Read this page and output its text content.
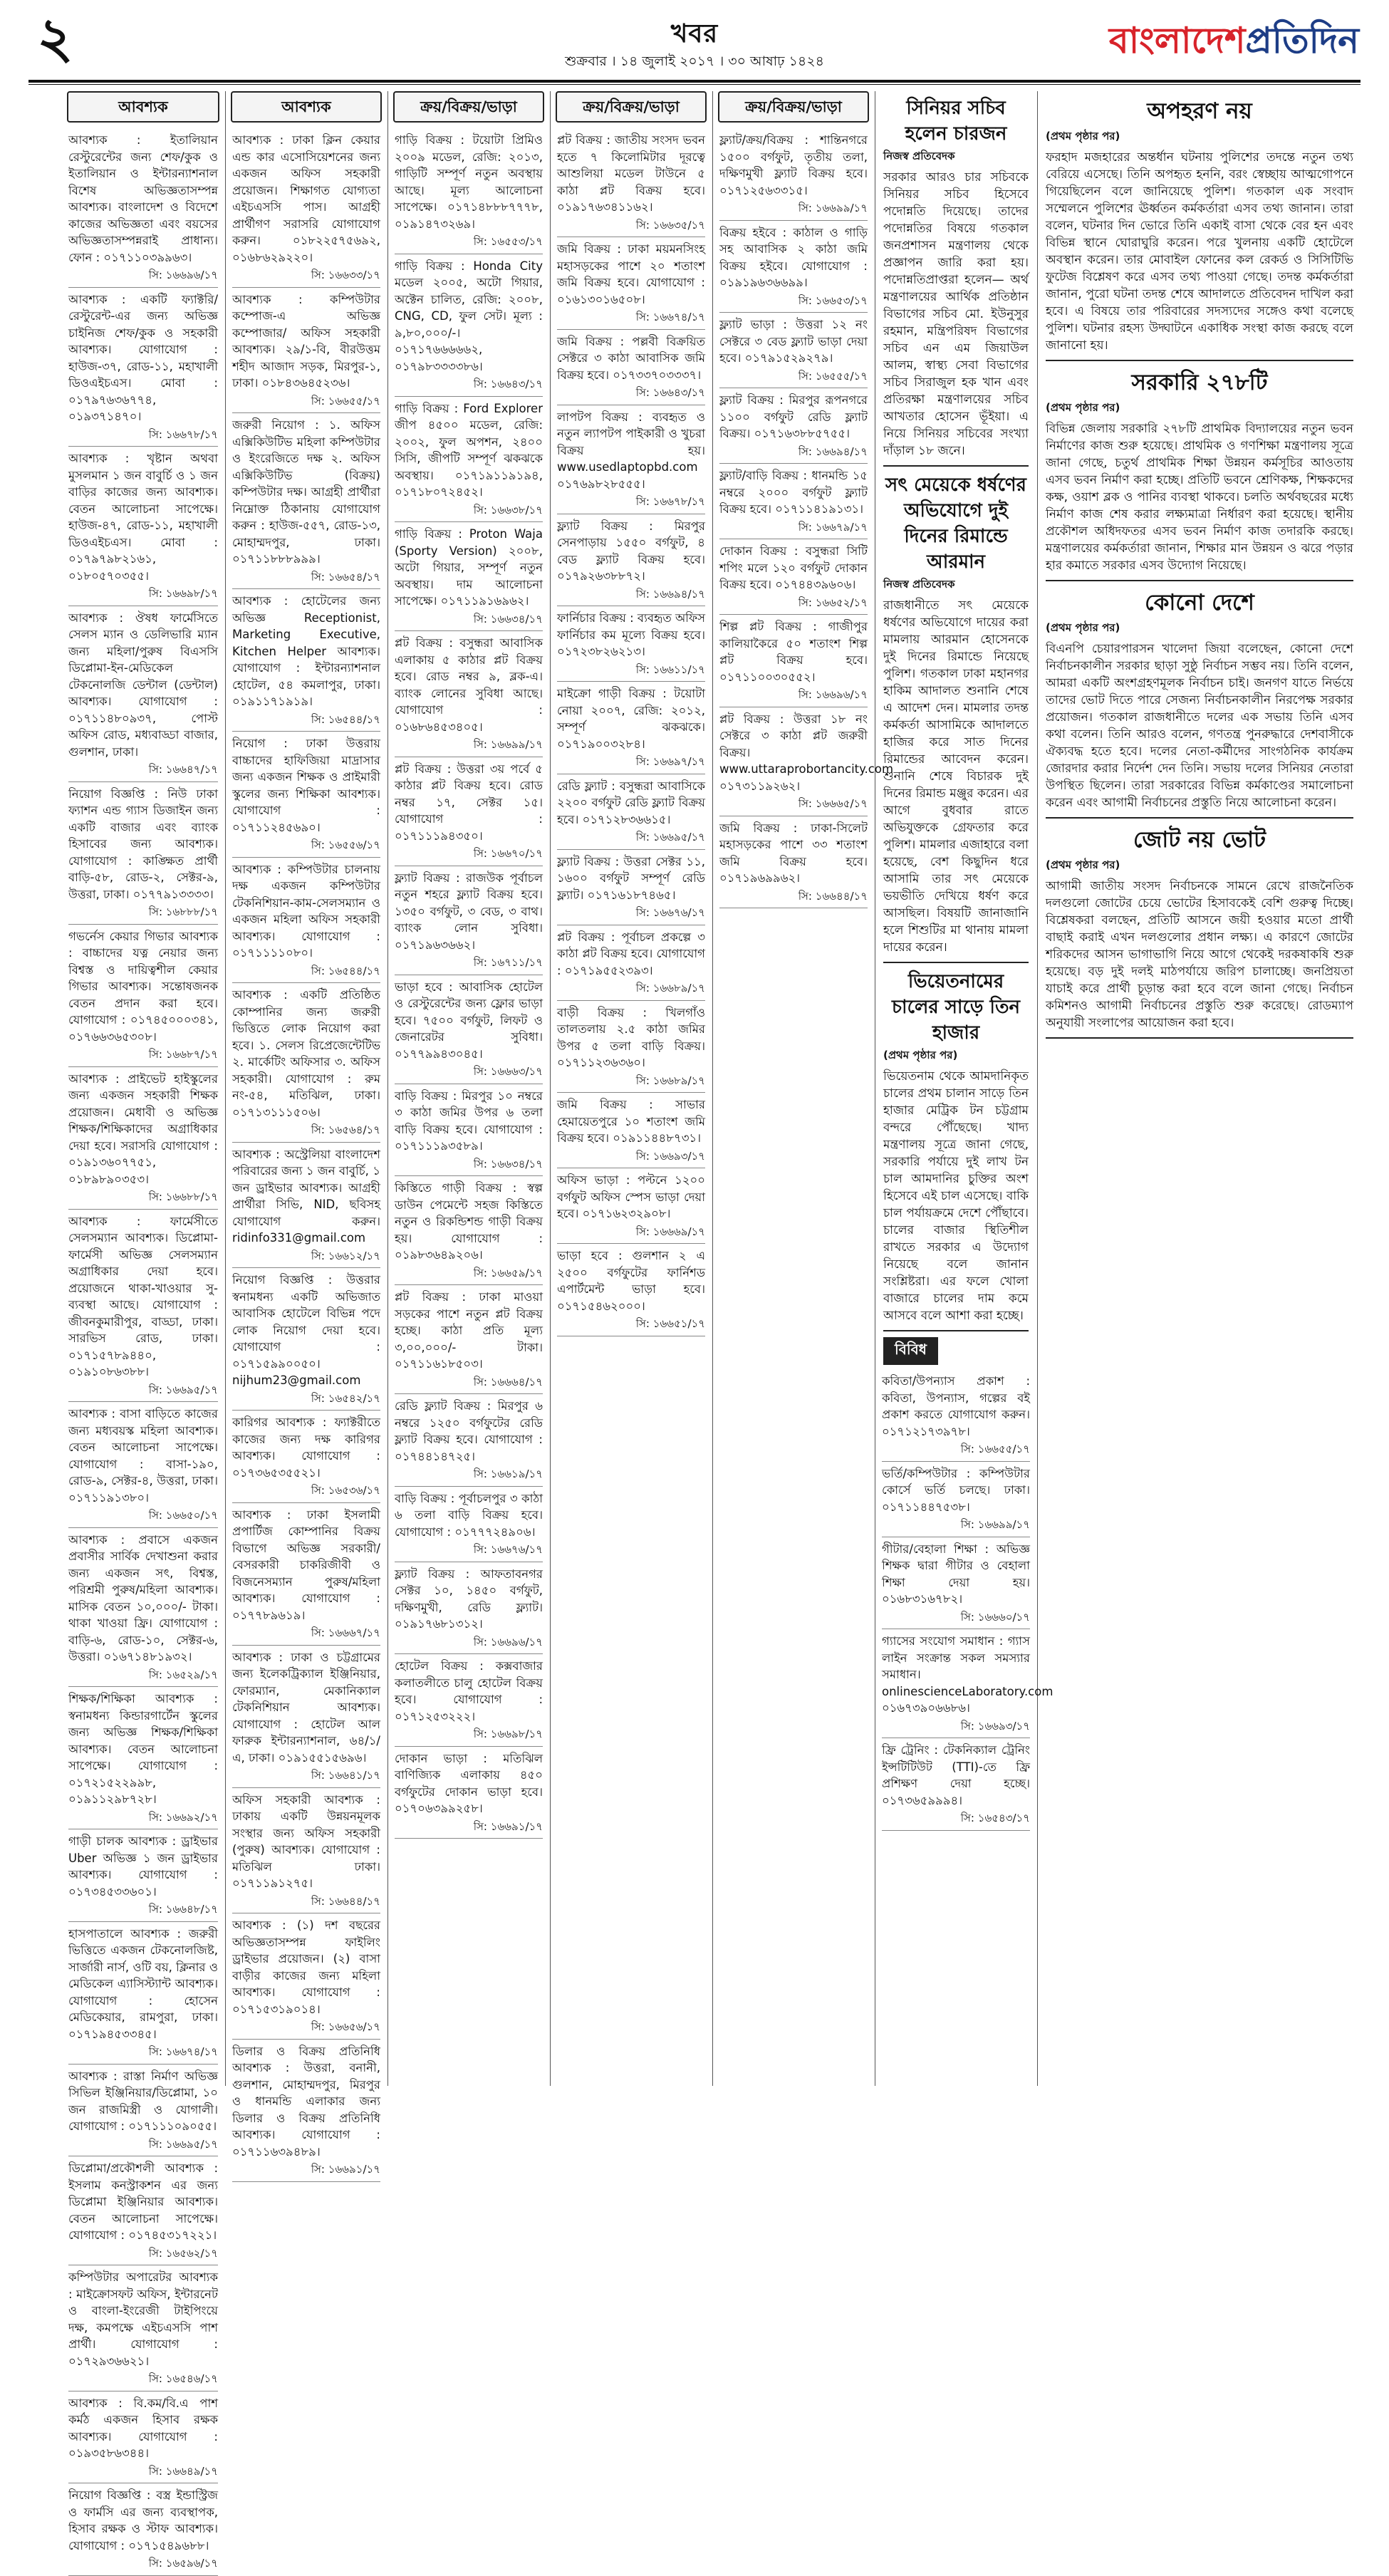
২	খবর
শুক্রবার । ১৪ জুলাই ২০১৭ । ৩০ আষাঢ় ১৪২৪	বাংলাদেশপ্রতিদিন
আবশ্যক
আবশ্যক : ইতালিয়ান রেস্টুরেন্টের জন্য শেফ/কুক ও ইতালিয়ান ও ইন্টারন্যাশনাল বিশেষ অভিজ্ঞতাসম্পন্ন আবশ্যক। বাংলাদেশ ও বিদেশে কাজের অভিজ্ঞতা এবং বয়সের অভিজ্ঞতাসম্পন্নরাই প্রাধান্য। ফোন : ০১৭১১০৩৯৯৬৩।
সি: ১৬৬৯৬/১৭
আবশ্যক : একটি ফ্যাক্টরি/ রেস্টুরেন্ট-এর জন্য অভিজ্ঞ চাইনিজ শেফ/কুক ও সহকারী আবশ্যক। যোগাযোগ : হাউজ-৩৭, রোড-১১, মহাখালী ডিওএইচএস। মোবা : ০১৭৯৭৬৩৬৭৭৪, ০১৯৩৭১৪৭০।
সি: ১৬৬৭৮/১৭
আবশ্যক : খৃষ্টান অথবা মুসলমান ১ জন বাবুর্চি ও ১ জন বাড়ির কাজের জন্য আবশ্যক। বেতন আলোচনা সাপেক্ষে। হাউজ-৪৭, রোড-১১, মহাখালী ডিওএইচএস। মোবা : ০১৭৯৭৯৮২১৬১, ০১৮০৫৭০৩৫৫।
সি: ১৬৬৯৮/১৭
আবশ্যক : ঔষধ ফার্মেসিতে সেলস ম্যান ও ডেলিভারি ম্যান জন্য মহিলা/পুরুষ বিএসসি ডিপ্লোমা-ইন-মেডিকেল টেকনোলজি ডেন্টাল (ডেন্টাল) আবশ্যক। যোগাযোগ : ০১৭১১৪৮০৯৩৭, পোস্ট অফিস রোড, মধ্যবাড্ডা বাজার, গুলশান, ঢাকা।
সি: ১৬৬৪৭/১৭
নিয়োগ বিজ্ঞপ্তি : নিউ ঢাকা ফ্যাশন এন্ড গ্যাস ডিজাইন জন্য একটি বাজার এবং ব্যাংক হিসাবের জন্য আবশ্যক। যোগাযোগ : কাঙ্ক্ষিত প্রার্থী বাড়ি-৫৮, রোড-২, সেক্টর-৯, উত্তরা, ঢাকা। ০১৭৭৯১৩৩৩৩।
সি: ১৬৮৮৮/১৭
গভর্নেস কেয়ার গিভার আবশ্যক : বাচ্চাদের যত্ন নেয়ার জন্য বিশ্বস্ত ও দায়িত্বশীল কেয়ার গিভার আবশ্যক। সন্তোষজনক বেতন প্রদান করা হবে। যোগাযোগ : ০১৭৪৫০০০৩৪১, ০১৭৬৬৩৬৫৩০৮।
সি: ১৬৬৮৭/১৭
আবশ্যক : প্রাইভেট হাইস্কুলের জন্য একজন সহকারী শিক্ষক প্রয়োজন। মেধাবী ও অভিজ্ঞ শিক্ষক/শিক্ষিকাদের অগ্রাধিকার দেয়া হবে। সরাসরি যোগাযোগ : ০১৯১৩৬০৭৭৫১, ০১৮৯৮৯০৩৫৩।
সি: ১৬৬৮৮/১৭
আবশ্যক : ফার্মেসীতে সেলসম্যান আবশ্যক। ডিপ্লোমা-ফার্মেসী অভিজ্ঞ সেলসম্যান অগ্রাধিকার দেয়া হবে। প্রয়োজনে থাকা-খাওয়ার সু-ব্যবস্থা আছে। যোগাযোগ : জীবনকুমারীপুর, বাড্ডা, ঢাকা। সারভিস রোড, ঢাকা। ০১৭১৫৭৮৯৪৪০, ০১৯১০৮৬৩৮৮।
সি: ১৬৬৯৫/১৭
আবশ্যক : বাসা বাড়িতে কাজের জন্য মধ্যবয়স্ক মহিলা আবশ্যক। বেতন আলোচনা সাপেক্ষে। যোগাযোগ : বাসা-১৯০, রোড-৯, সেক্টর-৪, উত্তরা, ঢাকা। ০১৭১১৯১৩৮০।
সি: ১৬৬৫০/১৭
আবশ্যক : প্রবাসে একজন প্রবাসীর সার্বিক দেখাশুনা করার জন্য একজন সৎ, বিশ্বস্ত, পরিশ্রমী পুরুষ/মহিলা আবশ্যক। মাসিক বেতন ১০,০০০/- টাকা। থাকা খাওয়া ফ্রি। যোগাযোগ : বাড়ি-৬, রোড-১০, সেক্টর-৬, উত্তরা। ০১৬৭১৪৮১৯৩২।
সি: ১৬৫২৯/১৭
শিক্ষক/শিক্ষিকা আবশ্যক : স্বনামধন্য কিন্ডারগার্টেন স্কুলের জন্য অভিজ্ঞ শিক্ষক/শিক্ষিকা আবশ্যক। বেতন আলোচনা সাপেক্ষে। যোগাযোগ : ০১৭২১৫২২৯৯৮, ০১৯১১২৯৮৭২৮।
সি: ১৬৬৯২/১৭
গাড়ী চালক আবশ্যক : ড্রাইভার Uber অভিজ্ঞ ১ জন ড্রাইভার আবশ্যক। যোগাযোগ : ০১৭৩৪৫৩৩৬০১।
সি: ১৬৬৪৮/১৭
হাসপাতালে আবশ্যক : জরুরী ভিত্তিতে একজন টেকনোলজিষ্ট, সার্জারী নার্স, ওটি বয়, ক্লিনার ও মেডিকেল এ্যাসিস্ট্যান্ট আবশ্যক। যোগাযোগ : হোসেন মেডিকেয়ার, রামপুরা, ঢাকা। ০১৭১৯৪৫৩৩৪৫।
সি: ১৬৬৭৪/১৭
আবশ্যক : রাস্তা নির্মাণ অভিজ্ঞ সিভিল ইঞ্জিনিয়ার/ডিপ্লোমা, ১০ জন রাজমিস্ত্রী ও যোগালী। যোগাযোগ : ০১৭১১১০৯০৫৫।
সি: ১৬৬৯৫/১৭
ডিপ্লোমা/প্রকৌশলী আবশ্যক : ইসলাম কনস্ট্রাকশন এর জন্য ডিপ্লোমা ইঞ্জিনিয়ার আবশ্যক। বেতন আলোচনা সাপেক্ষে। যোগাযোগ : ০১৭৪৫৩১৭২২১।
সি: ১৬৫৬২/১৭
কম্পিউটার অপারেটর আবশ্যক : মাইক্রোসফট অফিস, ইন্টারনেট ও বাংলা-ইংরেজী টাইপিংয়ে দক্ষ, কমপক্ষে এইচএসসি পাশ প্রার্থী। যোগাযোগ : ০১৭২৯৩৬৬২১।
সি: ১৬৫৪৬/১৭
আবশ্যক : বি.কম/বি.এ পাশ কর্মঠ একজন হিসাব রক্ষক আবশ্যক। যোগাযোগ : ০১৯৩৫৮৬৩৪৪।
সি: ১৬৬৪৯/১৭
নিয়োগ বিজ্ঞপ্তি : বস্ত্র ইন্ডাস্ট্রিজ ও ফার্মসি এর জন্য ব্যবস্থাপক, হিসাব রক্ষক ও স্টাফ আবশ্যক। যোগাযোগ : ০১৭১৫৪৯৬৮৮।
সি: ১৬৫৯৬/১৭
আবশ্যক
আবশ্যক : ঢাকা ক্লিন কেয়ার এন্ড কার এসোসিয়েশনের জন্য একজন অফিস সহকারী প্রয়োজন। শিক্ষাগত যোগ্যতা এইচএসসি পাস। আগ্রহী প্রার্থীগণ সরাসরি যোগাযোগ করুন। ০১৮২২৫৭৫৬৯২, ০১৬৮৬২৯২২০।
সি: ১৬৬৩৩/১৭
আবশ্যক : কম্পিউটার কম্পোজ-এ অভিজ্ঞ কম্পোজার/ অফিস সহকারী আবশ্যক। ২৯/১-বি, বীরউত্তম শহীদ আজাদ সড়ক, মিরপুর-১, ঢাকা। ০১৮৪৩৬৪৫২৩৬।
সি: ১৬৬৫৫/১৭
জরুরী নিয়োগ : ১. অফিস এক্সিকিউটিভ মহিলা কম্পিউটার ও ইংরেজিতে দক্ষ ২. অফিস এক্সিকিউটিভ (বিক্রয়) কম্পিউটার দক্ষ। আগ্রহী প্রার্থীরা নিম্নোক্ত ঠিকানায় যোগাযোগ করুন : হাউজ-৫৫৭, রোড-১৩, মোহাম্মদপুর, ঢাকা। ০১৭১১৮৮৮৯৯৯।
সি: ১৬৬৫৪/১৭
আবশ্যক : হোটেলের জন্য অভিজ্ঞ Receptionist, Marketing Executive, Kitchen Helper আবশ্যক। যোগাযোগ : ইন্টারন্যাশনাল হোটেল, ৫৪ কমলাপুর, ঢাকা। ০১৯১১৭১৯১৯।
সি: ১৬৫৪৪/১৭
নিয়োগ : ঢাকা উত্তরায় বাচ্চাদের হাফিজিয়া মাদ্রাসার জন্য একজন শিক্ষক ও প্রাইমারী স্কুলের জন্য শিক্ষিকা আবশ্যক। যোগাযোগ : ০১৭১১২৪৫৬৯০।
সি: ১৬৫৫৬/১৭
আবশ্যক : কম্পিউটার চালনায় দক্ষ একজন কম্পিউটার টেকনিশিয়ান-কাম-সেলসম্যান ও একজন মহিলা অফিস সহকারী আবশ্যক। যোগাযোগ : ০১৭১১১১০৮০।
সি: ১৬৫৪৪/১৭
আবশ্যক : একটি প্রতিষ্ঠিত কোম্পানির জন্য জরুরী ভিত্তিতে লোক নিয়োগ করা হবে। ১. সেলস রিপ্রেজেন্টেটিভ ২. মার্কেটিং অফিসার ৩. অফিস সহকারী। যোগাযোগ : রুম নং-৫৪, মতিঝিল, ঢাকা। ০১৭১৩১১১৫০৬।
সি: ১৬৫৬৪/১৭
আবশ্যক : অস্ট্রেলিয়া বাংলাদেশ পরিবারের জন্য ১ জন বাবুর্চি, ১ জন ড্রাইভার আবশ্যক। আগ্রহী প্রার্থীরা সিভি, NID, ছবিসহ যোগাযোগ করুন। ridinfo331@gmail.com
সি: ১৬৬১২/১৭
নিয়োগ বিজ্ঞপ্তি : উত্তরার স্বনামধন্য একটি অভিজাত আবাসিক হোটেলে বিভিন্ন পদে লোক নিয়োগ দেয়া হবে। যোগাযোগ : ০১৭১৫৯৯০০৫০। nijhum23@gmail.com
সি: ১৬৫৪২/১৭
কারিগর আবশ্যক : ফ্যাক্টরীতে কাজের জন্য দক্ষ কারিগর আবশ্যক। যোগাযোগ : ০১৭৩৬৫৩৫৫২১।
সি: ১৬৫৩৬/১৭
আবশ্যক : ঢাকা ইসলামী প্রপার্টিজ কোম্পানির বিক্রয় বিভাগে অভিজ্ঞ সরকারী/বেসরকারী চাকরিজীবী ও বিজনেসম্যান পুরুষ/মহিলা আবশ্যক। যোগাযোগ : ০১৭৭৮৯৬১৯।
সি: ১৬৬৬৭/১৭
আবশ্যক : ঢাকা ও চট্টগ্রামের জন্য ইলেকট্রিক্যাল ইঞ্জিনিয়ার, ফোরম্যান, মেকানিক্যাল টেকনিশিয়ান আবশ্যক। যোগাযোগ : হোটেল আল ফারুক ইন্টারন্যাশনাল, ৬৪/১/এ, ঢাকা। ০১৯১৫৫১৫৬৯৬।
সি: ১৬৬৪১/১৭
অফিস সহকারী আবশ্যক : ঢাকায় একটি উন্নয়নমূলক সংস্থার জন্য অফিস সহকারী (পুরুষ) আবশ্যক। যোগাযোগ : মতিঝিল ঢাকা। ০১৭১১৯১২৭৫।
সি: ১৬৬৪৪/১৭
আবশ্যক : (১) দশ বছরের অভিজ্ঞতাসম্পন্ন ফাইলিং ড্রাইভার প্রয়োজন। (২) বাসা বাড়ীর কাজের জন্য মহিলা আবশ্যক। যোগাযোগ : ০১৭১৫৩১৯০১৪।
সি: ১৬৬৫৬/১৭
ডিলার ও বিক্রয় প্রতিনিধি আবশ্যক : উত্তরা, বনানী, গুলশান, মোহাম্মদপুর, মিরপুর ও ধানমন্ডি এলাকার জন্য ডিলার ও বিক্রয় প্রতিনিধি আবশ্যক। যোগাযোগ : ০১৭১১৬৩৯৪৮৯।
সি: ১৬৬৯১/১৭
ক্রয়/বিক্রয়/ভাড়া
গাড়ি বিক্রয় : টয়োটা প্রিমিও ২০০৯ মডেল, রেজি: ২০১৩, গাড়িটি সম্পূর্ণ নতুন অবস্থায় আছে। মূল্য আলোচনা সাপেক্ষে। ০১৭১৪৮৮৮৭৭৭৮, ০১৯১৪৭৩২৬৯।
সি: ১৬৫৫৩/১৭
গাড়ি বিক্রয় : Honda City মডেল ২০০৫, অটো গিয়ার, অক্টেন চালিত, রেজি: ২০০৮, CNG, CD, ফুল সেট। মূল্য : ৯,৮০,০০০/-। ০১৭১৭৬৬৬৬৬২, ০১৭৯৮৩৩৩৩৮৬।
সি: ১৬৬৪৩/১৭
গাড়ি বিক্রয় : Ford Explorer জীপ ৪৫০০ মডেল, রেজি: ২০০২, ফুল অপশন, ২৪০০ সিসি, জীপটি সম্পূর্ণ ঝকঝকে অবস্থায়। ০১৭১৯১১৯১৯৪, ০১৭১৮০৭২৪৫২।
সি: ১৬৬৩৮/১৭
গাড়ি বিক্রয় : Proton Waja (Sporty Version) ২০০৮, অটো গিয়ার, সম্পূর্ণ নতুন অবস্থায়। দাম আলোচনা সাপেক্ষে। ০১৭১১৯১৬৯৬২।
সি: ১৬৬৩৪/১৭
প্লট বিক্রয় : বসুন্ধরা আবাসিক এলাকায় ৫ কাঠার প্লট বিক্রয় হবে। রোড নম্বর ৯, ব্লক-এ। ব্যাংক লোনের সুবিধা আছে। যোগাযোগ : ০১৬৮৬৪৫৩৪০৫।
সি: ১৬৬৯৯/১৭
প্লট বিক্রয় : উত্তরা ৩য় পর্বে ৫ কাঠার প্লট বিক্রয় হবে। রোড নম্বর ১৭, সেক্টর ১৫। যোগাযোগ : ০১৭১১১৯৪৩৫০।
সি: ১৬৬৭০/১৭
ফ্ল্যাট বিক্রয় : রাজউক পূর্বাচল নতুন শহরে ফ্ল্যাট বিক্রয় হবে। ১৩৫০ বর্গফুট, ৩ বেড, ৩ বাথ। ব্যাংক লোন সুবিধা। ০১৭১৯৬৩৬৬২।
সি: ১৬৭১১/১৭
ভাড়া হবে : আবাসিক হোটেল ও রেস্টুরেন্টের জন্য ফ্লোর ভাড়া হবে। ৭৫০০ বর্গফুট, লিফট ও জেনারেটর সুবিধা। ০১৭৭৯৯৪৩০৪৫।
সি: ১৬৬৬৩/১৭
বাড়ি বিক্রয় : মিরপুর ১০ নম্বরে ৩ কাঠা জমির উপর ৬ তলা বাড়ি বিক্রয় হবে। যোগাযোগ : ০১৭১১১৯৩৫৮৯।
সি: ১৬৬৩৪/১৭
কিস্তিতে গাড়ী বিক্রয় : স্বল্প ডাউন পেমেন্টে সহজ কিস্তিতে নতুন ও রিকন্ডিশন্ড গাড়ী বিক্রয় হয়। যোগাযোগ : ০১৯৮৩৬৪৯২০৬।
সি: ১৬৬৫৯/১৭
প্লট বিক্রয় : ঢাকা মাওয়া সড়কের পাশে নতুন প্লট বিক্রয় হচ্ছে। কাঠা প্রতি মূল্য ৩,০০,০০০/- টাকা। ০১৭১১৬১৮৫০৩।
সি: ১৬৬৬৪/১৭
রেডি ফ্ল্যাট বিক্রয় : মিরপুর ৬ নম্বরে ১২৫০ বর্গফুটের রেডি ফ্ল্যাট বিক্রয় হবে। যোগাযোগ : ০১৭৪৪১৪৭২৫।
সি: ১৬৬১৯/১৭
বাড়ি বিক্রয় : পূর্বাচলপুর ৩ কাঠা ৬ তলা বাড়ি বিক্রয় হবে। যোগাযোগ : ০১৭৭৭২৪৯০৬।
সি: ১৬৬৭৬/১৭
ফ্ল্যাট বিক্রয় : আফতাবনগর সেক্টর ১০, ১৪৫০ বর্গফুট, দক্ষিণমুখী, রেডি ফ্ল্যাট। ০১৯১৭৬৮১৩১২।
সি: ১৬৬৯৬/১৭
হোটেল বিক্রয় : কক্সবাজার কলাতলীতে চালু হোটেল বিক্রয় হবে। যোগাযোগ : ০১৭১২৫৩২২২।
সি: ১৬৬৯৮/১৭
দোকান ভাড়া : মতিঝিল বাণিজ্যিক এলাকায় ৪৫০ বর্গফুটের দোকান ভাড়া হবে। ০১৭০৬৩৯৯২৫৮।
সি: ১৬৬৯১/১৭
ক্রয়/বিক্রয়/ভাড়া
প্লট বিক্রয় : জাতীয় সংসদ ভবন হতে ৭ কিলোমিটার দূরত্বে আশুলিয়া মডেল টাউনে ৫ কাঠা প্লট বিক্রয় হবে। ০১৯১৭৬৩৪১১৬২।
সি: ১৬৬৩৫/১৭
জমি বিক্রয় : ঢাকা ময়মনসিংহ মহাসড়কের পাশে ২০ শতাংশ জমি বিক্রয় হবে। যোগাযোগ : ০১৬১৩০১৬৫০৮।
সি: ১৬৬৭৪/১৭
জমি বিক্রয় : পল্লবী বিক্রয়িত সেক্টরে ৩ কাঠা আবাসিক জমি বিক্রয় হবে। ০১৭৩৩৭০৩৩৩৭।
সি: ১৬৬৪৩/১৭
লাপটপ বিক্রয় : ব্যবহৃত ও নতুন ল্যাপটপ পাইকারী ও খুচরা বিক্রয় হয়। www.usedlaptopbd.com ০১৭৬৯৮২৮৫৫৫।
সি: ১৬৬৭৮/১৭
ফ্ল্যাট বিক্রয় : মিরপুর সেনপাড়ায় ১৫৫০ বর্গফুট, ৪ বেড ফ্ল্যাট বিক্রয় হবে। ০১৭৯২৬৩৮৮৭২।
সি: ১৬৬৯৪/১৭
ফার্নিচার বিক্রয় : ব্যবহৃত অফিস ফার্নিচার কম মূল্যে বিক্রয় হবে। ০১৭২৩৮২৬২১৩।
সি: ১৬৬১১/১৭
মাইক্রো গাড়ী বিক্রয় : টয়োটা নোয়া ২০০৭, রেজি: ২০১২, সম্পূর্ণ ঝকঝকে। ০১৭১৯০০৩২৮৪।
সি: ১৬৬৯৭/১৭
রেডি ফ্ল্যাট : বসুন্ধরা আবাসিকে ২২০০ বর্গফুট রেডি ফ্ল্যাট বিক্রয় হবে। ০১৭১২৮৩৬৬১৫।
সি: ১৬৬৯৫/১৭
ফ্ল্যাট বিক্রয় : উত্তরা সেক্টর ১১, ১৬০০ বর্গফুট সম্পূর্ণ রেডি ফ্ল্যাট। ০১৭১৬১৮৭৪৬৫।
সি: ১৬৬৭৬/১৭
প্লট বিক্রয় : পূর্বাচল প্রকল্পে ৩ কাঠা প্লট বিক্রয় হবে। যোগাযোগ : ০১৭১৯৫৫২৩৯৩।
সি: ১৬৬৮৯/১৭
বাড়ী বিক্রয় : খিলগাঁও তালতলায় ২.৫ কাঠা জমির উপর ৫ তলা বাড়ি বিক্রয়। ০১৭১১২৩৬৩৬০।
সি: ১৬৬৮৯/১৭
জমি বিক্রয় : সাভার হেমায়েতপুরে ১০ শতাংশ জমি বিক্রয় হবে। ০১৯১১৪৪৮৭৩১।
সি: ১৬৬৯৩/১৭
অফিস ভাড়া : পল্টনে ১২০০ বর্গফুট অফিস স্পেস ভাড়া দেয়া হবে। ০১৭১৬২৩২৯০৮।
সি: ১৬৬৬৯/১৭
ভাড়া হবে : গুলশান ২ এ ২৫০০ বর্গফুটের ফার্নিশড এপার্টমেন্ট ভাড়া হবে। ০১৭১৫৪৬২০০০।
সি: ১৬৬৫১/১৭
ক্রয়/বিক্রয়/ভাড়া
ফ্ল্যাট/ক্রয়/বিক্রয় : শান্তিনগরে ১৫০০ বর্গফুট, তৃতীয় তলা, দক্ষিণমুখী ফ্ল্যাট বিক্রয় হবে। ০১৭১২৫৬৩৩১৫।
সি: ১৬৬৯৯/১৭
বিক্রয় হইবে : কাঠাল ও গাড়ি সহ আবাসিক ২ কাঠা জমি বিক্রয় হইবে। যোগাযোগ : ০১৯১৯৬৩৬৬৯৯।
সি: ১৬৬৫৩/১৭
ফ্ল্যাট ভাড়া : উত্তরা ১২ নং সেক্টরে ৩ বেড ফ্ল্যাট ভাড়া দেয়া হবে। ০১৭৯১৫২৯২৭৯।
সি: ১৬৫৫৫/১৭
ফ্ল্যাট বিক্রয় : মিরপুর রূপনগরে ১১০০ বর্গফুট রেডি ফ্ল্যাট বিক্রয়। ০১৭১৬৩৮৮৫৭৫৫।
সি: ১৬৬৯৪/১৭
ফ্ল্যাট/বাড়ি বিক্রয় : ধানমন্ডি ১৫ নম্বরে ২০০০ বর্গফুট ফ্ল্যাট বিক্রয় হবে। ০১৭১১৪১৯১৩১।
সি: ১৬৬৭৯/১৭
দোকান বিক্রয় : বসুন্ধরা সিটি শপিং মলে ১২০ বর্গফুট দোকান বিক্রয় হবে। ০১৭৪৪৩৯৬০৬।
সি: ১৬৬৫২/১৭
শিল্প প্লট বিক্রয় : গাজীপুর কালিয়াকৈরে ৫০ শতাংশ শিল্প প্লট বিক্রয় হবে। ০১৭১১০০৩০৫৫২।
সি: ১৬৬৯৬/১৭
প্লট বিক্রয় : উত্তরা ১৮ নং সেক্টরে ৩ কাঠা প্লট জরুরী বিক্রয়। www.uttaraprobortancity.com ০১৭৩১১৯২৬২।
সি: ১৬৬৬৫/১৭
জমি বিক্রয় : ঢাকা-সিলেট মহাসড়কের পাশে ৩৩ শতাংশ জমি বিক্রয় হবে। ০১৭১৯৬৯৯৬২।
সি: ১৬৬৪৪/১৭
সিনিয়র সচিব হলেন চারজন
নিজস্ব প্রতিবেদক
সরকার আরও চার সচিবকে সিনিয়র সচিব হিসেবে পদোন্নতি দিয়েছে। তাদের পদোন্নতির বিষয়ে গতকাল জনপ্রশাসন মন্ত্রণালয় থেকে প্রজ্ঞাপন জারি করা হয়। পদোন্নতিপ্রাপ্তরা হলেন— অর্থ মন্ত্রণালয়ের আর্থিক প্রতিষ্ঠান বিভাগের সচিব মো. ইউনুসুর রহমান, মন্ত্রিপরিষদ বিভাগের সচিব এন এম জিয়াউল আলম, স্বাস্থ্য সেবা বিভাগের সচিব সিরাজুল হক খান এবং প্রতিরক্ষা মন্ত্রণালয়ের সচিব আখতার হোসেন ভূঁইয়া। এ নিয়ে সিনিয়র সচিবের সংখ্যা দাঁড়াল ১৮ জনে।
সৎ মেয়েকে ধর্ষণের অভিযোগে দুই দিনের রিমান্ডে আরমান
নিজস্ব প্রতিবেদক
রাজধানীতে সৎ মেয়েকে ধর্ষণের অভিযোগে দায়ের করা মামলায় আরমান হোসেনকে দুই দিনের রিমান্ডে নিয়েছে পুলিশ। গতকাল ঢাকা মহানগর হাকিম আদালত শুনানি শেষে এ আদেশ দেন। মামলার তদন্ত কর্মকর্তা আসামিকে আদালতে হাজির করে সাত দিনের রিমান্ডের আবেদন করেন। শুনানি শেষে বিচারক দুই দিনের রিমান্ড মঞ্জুর করেন। এর আগে বুধবার রাতে অভিযুক্তকে গ্রেফতার করে পুলিশ। মামলার এজাহারে বলা হয়েছে, বেশ কিছুদিন ধরে আসামি তার সৎ মেয়েকে ভয়ভীতি দেখিয়ে ধর্ষণ করে আসছিল। বিষয়টি জানাজানি হলে শিশুটির মা থানায় মামলা দায়ের করেন।
ভিয়েতনামের চালের সাড়ে তিন হাজার
(প্রথম পৃষ্ঠার পর)
ভিয়েতনাম থেকে আমদানিকৃত চালের প্রথম চালান সাড়ে তিন হাজার মেট্রিক টন চট্টগ্রাম বন্দরে পৌঁছেছে। খাদ্য মন্ত্রণালয় সূত্রে জানা গেছে, সরকারি পর্যায়ে দুই লাখ টন চাল আমদানির চুক্তির অংশ হিসেবে এই চাল এসেছে। বাকি চাল পর্যায়ক্রমে দেশে পৌঁছাবে। চালের বাজার স্থিতিশীল রাখতে সরকার এ উদ্যোগ নিয়েছে বলে জানান সংশ্লিষ্টরা। এর ফলে খোলা বাজারে চালের দাম কমে আসবে বলে আশা করা হচ্ছে।
বিবিধ
কবিতা/উপন্যাস প্রকাশ : কবিতা, উপন্যাস, গল্পের বই প্রকাশ করতে যোগাযোগ করুন। ০১৭১২১৭৩৯৭৮।
সি: ১৬৬৫৫/১৭
ভর্তি/কম্পিউটার : কম্পিউটার কোর্সে ভর্তি চলছে। ঢাকা। ০১৭১১৪৪৭৫৩৮।
সি: ১৬৬৯৯/১৭
গীটার/বেহালা শিক্ষা : অভিজ্ঞ শিক্ষক দ্বারা গীটার ও বেহালা শিক্ষা দেয়া হয়। ০১৬৮৩১৬৭৮২।
সি: ১৬৬৬০/১৭
গ্যাসের সংযোগ সমাধান : গ্যাস লাইন সংক্রান্ত সকল সমস্যার সমাধান। onlinescienceLaboratory.com ০১৬৭৩৯০৬৬৮৬।
সি: ১৬৬৯৩/১৭
ফ্রি ট্রেনিং : টেকনিক্যাল ট্রেনিং ইন্সটিটিউট (TTI)-তে ফ্রি প্রশিক্ষণ দেয়া হচ্ছে। ০১৭৩৬৫৯৯৯৪।
সি: ১৬৫৪৩/১৭
অপহরণ নয়
(প্রথম পৃষ্ঠার পর)
ফরহাদ মজহারের অন্তর্ধান ঘটনায় পুলিশের তদন্তে নতুন তথ্য বেরিয়ে এসেছে। তিনি অপহৃত হননি, বরং স্বেচ্ছায় আত্মগোপনে গিয়েছিলেন বলে জানিয়েছে পুলিশ। গতকাল এক সংবাদ সম্মেলনে পুলিশের ঊর্ধ্বতন কর্মকর্তারা এসব তথ্য জানান। তারা বলেন, ঘটনার দিন ভোরে তিনি একাই বাসা থেকে বের হন এবং বিভিন্ন স্থানে ঘোরাঘুরি করেন। পরে খুলনায় একটি হোটেলে অবস্থান করেন। তার মোবাইল ফোনের কল রেকর্ড ও সিসিটিভি ফুটেজ বিশ্লেষণ করে এসব তথ্য পাওয়া গেছে। তদন্ত কর্মকর্তারা জানান, পুরো ঘটনা তদন্ত শেষে আদালতে প্রতিবেদন দাখিল করা হবে। এ বিষয়ে তার পরিবারের সদস্যদের সঙ্গেও কথা বলেছে পুলিশ। ঘটনার রহস্য উদ্ঘাটনে একাধিক সংস্থা কাজ করছে বলে জানানো হয়।
সরকারি ২৭৮টি
(প্রথম পৃষ্ঠার পর)
বিভিন্ন জেলায় সরকারি ২৭৮টি প্রাথমিক বিদ্যালয়ের নতুন ভবন নির্মাণের কাজ শুরু হয়েছে। প্রাথমিক ও গণশিক্ষা মন্ত্রণালয় সূত্রে জানা গেছে, চতুর্থ প্রাথমিক শিক্ষা উন্নয়ন কর্মসূচির আওতায় এসব ভবন নির্মাণ করা হচ্ছে। প্রতিটি ভবনে শ্রেণিকক্ষ, শিক্ষকদের কক্ষ, ওয়াশ ব্লক ও পানির ব্যবস্থা থাকবে। চলতি অর্থবছরের মধ্যে নির্মাণ কাজ শেষ করার লক্ষ্যমাত্রা নির্ধারণ করা হয়েছে। স্থানীয় প্রকৌশল অধিদফতর এসব ভবন নির্মাণ কাজ তদারকি করছে। মন্ত্রণালয়ের কর্মকর্তারা জানান, শিক্ষার মান উন্নয়ন ও ঝরে পড়ার হার কমাতে সরকার এসব উদ্যোগ নিয়েছে।
কোনো দেশে
(প্রথম পৃষ্ঠার পর)
বিএনপি চেয়ারপারসন খালেদা জিয়া বলেছেন, কোনো দেশে নির্বাচনকালীন সরকার ছাড়া সুষ্ঠু নির্বাচন সম্ভব নয়। তিনি বলেন, আমরা একটি অংশগ্রহণমূলক নির্বাচন চাই। জনগণ যাতে নির্ভয়ে তাদের ভোট দিতে পারে সেজন্য নির্বাচনকালীন নিরপেক্ষ সরকার প্রয়োজন। গতকাল রাজধানীতে দলের এক সভায় তিনি এসব কথা বলেন। তিনি আরও বলেন, গণতন্ত্র পুনরুদ্ধারে দেশবাসীকে ঐক্যবদ্ধ হতে হবে। দলের নেতা-কর্মীদের সাংগঠনিক কার্যক্রম জোরদার করার নির্দেশ দেন তিনি। সভায় দলের সিনিয়র নেতারা উপস্থিত ছিলেন। তারা সরকারের বিভিন্ন কর্মকাণ্ডের সমালোচনা করেন এবং আগামী নির্বাচনের প্রস্তুতি নিয়ে আলোচনা করেন।
জোট নয় ভোট
(প্রথম পৃষ্ঠার পর)
আগামী জাতীয় সংসদ নির্বাচনকে সামনে রেখে রাজনৈতিক দলগুলো জোটের চেয়ে ভোটের হিসাবকেই বেশি গুরুত্ব দিচ্ছে। বিশ্লেষকরা বলছেন, প্রতিটি আসনে জয়ী হওয়ার মতো প্রার্থী বাছাই করাই এখন দলগুলোর প্রধান লক্ষ্য। এ কারণে জোটের শরিকদের আসন ভাগাভাগি নিয়ে আগে থেকেই দরকষাকষি শুরু হয়েছে। বড় দুই দলই মাঠপর্যায়ে জরিপ চালাচ্ছে। জনপ্রিয়তা যাচাই করে প্রার্থী চূড়ান্ত করা হবে বলে জানা গেছে। নির্বাচন কমিশনও আগামী নির্বাচনের প্রস্তুতি শুরু করেছে। রোডম্যাপ অনুযায়ী সংলাপের আয়োজন করা হবে।
